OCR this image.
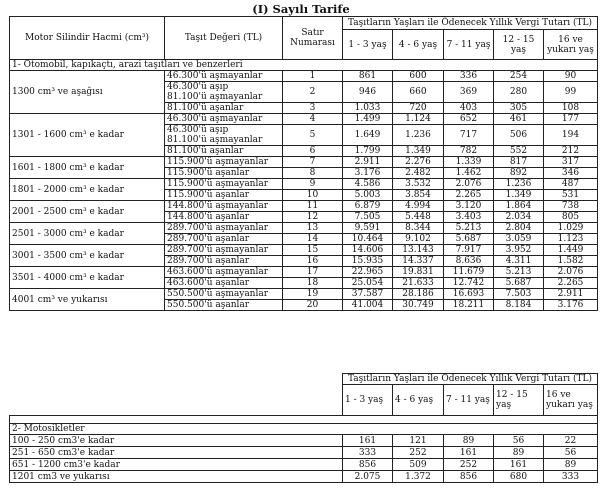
(I) Sayılı Tarife
Motor Silindir Hacmi (cm³)	Taşıt Değeri (TL)	Satır Numarası	Taşıtların Yaşları ile Ödenecek Yıllık Vergi Tutarı (TL)				
			1 - 3 yaş	4 - 6 yaş	7 - 11 yaş	12 - 15 yaş	16 ve yukarı yaş
1- Otomobil, kapıkaçtı, arazi taşıtları ve benzerleri							
1300 cm³ ve aşağısı	46.300'ü aşmayanlar	1	861	600	336	254	90
	46.300'ü aşıp
81.100'ü aşmayanlar	2	946	660	369	280	99
	81.100'ü aşanlar	3	1.033	720	403	305	108
1301 - 1600 cm³ e kadar	46.300'ü aşmayanlar	4	1.499	1.124	652	461	177
	46.300'ü aşıp
81.100'ü aşmayanlar	5	1.649	1.236	717	506	194
	81.100'ü aşanlar	6	1.799	1.349	782	552	212
1601 - 1800 cm³ e kadar	115.900'ü aşmayanlar	7	2.911	2.276	1.339	817	317
	115.900'ü aşanlar	8	3.176	2.482	1.462	892	346
1801 - 2000 cm³ e kadar	115.900'ü aşmayanlar	9	4.586	3.532	2.076	1.236	487
	115.900'ü aşanlar	10	5.003	3.854	2.265	1.349	531
2001 - 2500 cm³ e kadar	144.800'ü aşmayanlar	11	6.879	4.994	3.120	1.864	738
	144.800'ü aşanlar	12	7.505	5.448	3.403	2.034	805
2501 - 3000 cm³ e kadar	289.700'ü aşmayanlar	13	9.591	8.344	5.213	2.804	1.029
	289.700'ü aşanlar	14	10.464	9.102	5.687	3.059	1.123
3001 - 3500 cm³ e kadar	289.700'ü aşmayanlar	15	14.606	13.143	7.917	3.952	1.449
	289.700'ü aşanlar	16	15.935	14.337	8.636	4.311	1.582
3501 - 4000 cm³ e kadar	463.600'ü aşmayanlar	17	22.965	19.831	11.679	5.213	2.076
	463.600'ü aşanlar	18	25.054	21.633	12.742	5.687	2.265
4001 cm³ ve yukarısı	550.500'ü aşmayanlar	19	37.587	28.186	16.693	7.503	2.911
	550.500'ü aşanlar	20	41.004	30.749	18.211	8.184	3.176
	Taşıtların Yaşları ile Ödenecek Yıllık Vergi Tutarı (TL)				
	1 - 3 yaş	4 - 6 yaş	7 - 11 yaş	12 - 15 yaş	16 ve yukarı yaş

2- Motosikletler					
100 - 250 cm3'e kadar	161	121	89	56	22
251 - 650 cm3'e kadar	333	252	161	89	56
651 - 1200 cm3'e kadar	856	509	252	161	89
1201 cm3 ve yukarısı	2.075	1.372	856	680	333
